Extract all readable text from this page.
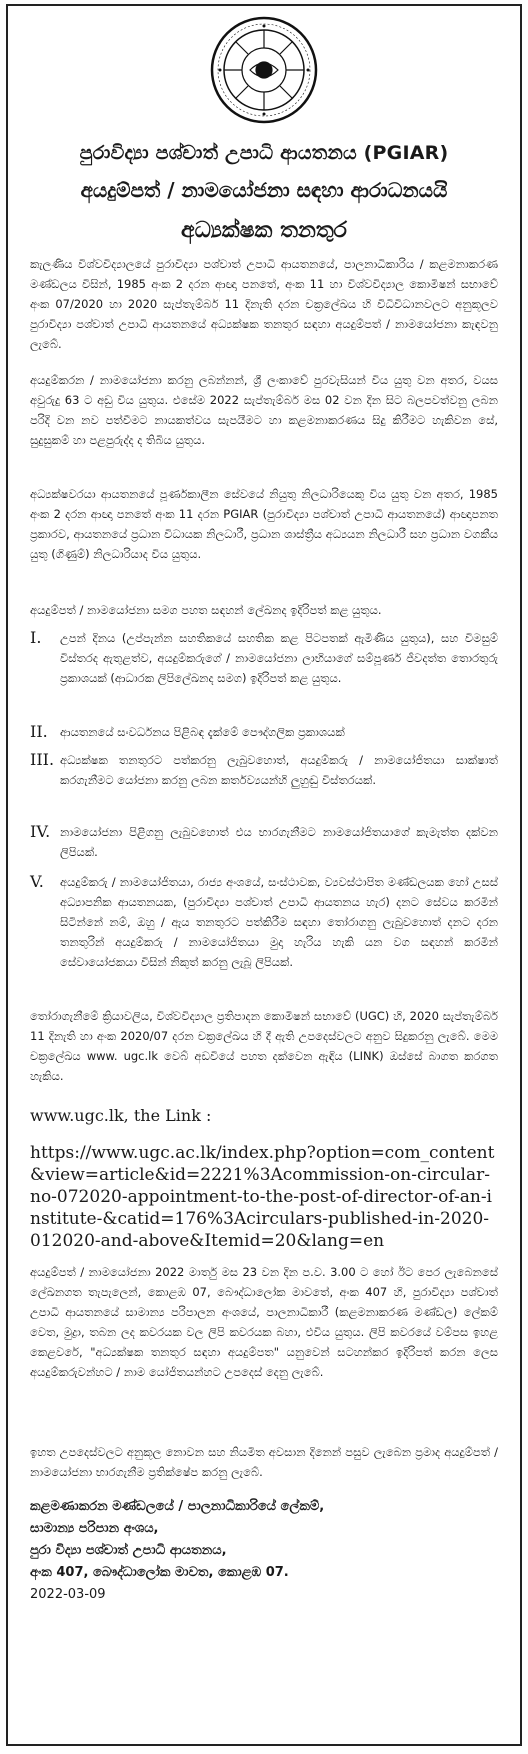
පුරාවිද්‍යා පශ්චාත් උපාධි ආයතනය (PGIAR)
අයදුම්පත් / නාමයෝජනා සඳහා ආරාධනයයි
අධ්‍යක්ෂක තනතුර

කැලණිය විශ්වවිද්‍යාලයේ පුරාවිද්‍යා පශ්චාත් උපාධි ආයතනයේ, පාලනාධිකාරිය / කළමනාකරණ මණ්ඩලය විසින්, 1985 අංක 2 දරන ආඥා පනතේ, අංක 11 හා විශ්වවිද්‍යාල කොමිෂන් සභාවේ අංක 07/2020 හා 2020 සැප්තැම්බර් 11 දිනැති දරන චක්‍රලේඛය හි විධිවිධානවලට අනුකූලව පුරාවිද්‍යා පශ්චාත් උපාධි ආයතනයේ අධ්‍යක්ෂක තනතුර සඳහා අයදුම්පත් / නාමයෝජනා කැඳවනු ලැබේ.

අයදුම්කරන / නාමයෝජනා කරනු ලබන්නන්, ශ්‍රී ලංකාවේ පුරවැසියන් විය යුතු වන අතර, වයස අවුරුදු 63 ට අඩු විය යුතුය. එසේම 2022 සැප්තැම්බර් මස 02 වන දින සිට බලපවත්වනු ලබන පරිදි වන නව පත්වීමට නායකත්වය සැපයීමට හා කළමනාකරණය සිදු කිරීමට හැකිවන සේ, සුදුසුකම් හා පළපුරුද්ද ද තිබිය යුතුය.

අධ්‍යක්ෂවරයා ආයතනයේ පූර්ණකාලීන සේවයේ නියුතු නිලධාරියෙකු විය යුතු වන අතර, 1985 අංක 2 දරන ආඥා පනතේ අංක 11 දරන PGIAR (පුරාවිද්‍යා පශ්චාත් උපාධි ආයතනයේ) ආඥාපනත ප්‍රකාරව, ආයතනයේ ප්‍රධාන විධායක නිලධාරී, ප්‍රධාන ශාස්ත්‍රීය අධ්‍යයන නිලධාරී සහ ප්‍රධාන වගකීය යුතු (ගිණුම්) නිලධාරියාද විය යුතුය.

අයදුම්පත් / නාමයෝජනා සමග පහත සඳහන් ලේඛනද ඉදිරිපත් කළ යුතුය.

I.	උපන් දිනය (උප්පැන්න සහතිකයේ සහතික කළ පිටපතක් ඇමිණිය යුතුය), සහ විමසුම් විස්තරද ඇතුළත්ව, අයදුම්කරුගේ / නාමයෝජනා ලාභියාගේ සම්පූර්ණ ජීවදත්ත තොරතුරු ප්‍රකාශයක් (ආධාරක ලිපිලේඛනද සමග) ඉදිරිපත් කළ යුතුය.
II.	ආයතනයේ සංවර්ධනය පිළිබඳ දැක්මේ පෞද්ගලික ප්‍රකාශයක්
III. අධ්‍යක්ෂක තනතුරට පත්කරනු ලැබුවහොත්, අයදුම්කරු / නාමයෝජිතයා සාක්ෂාත් කරගැනීමට යෝජනා කරනු ලබන කර්තව්‍යයන්හි ලුහුඬු විස්තරයක්.
IV. නාමයෝජනා පිළිගනු ලැබුවහොත් එය භාරගැනීමට නාමයෝජිතයාගේ කැමැත්ත දක්වන ලිපියක්.
V.	අයදුම්කරු / නාමයෝජිතයා, රාජ්‍ය අංශයේ, සංස්ථාවක, ව්‍යවස්ථාපිත මණ්ඩලයක හෝ උසස් අධ්‍යාපනික ආයතනයක, (පුරාවිද්‍යා පශ්චාත් උපාධි ආයතනය හැර) දනට සේවය කරමින් සිටින්නේ නම්, ඔහු / ඇය තනතුරට පත්කිරීම සඳහා තෝරාගනු ලැබුවහොත් දනට දරන තනතුරින් අයදුම්කරු / නාමයෝජිතයා මුදා හැරිය හැකි යන වග සඳහන් කරමින් සේවායෝජකයා විසින් නිකුත් කරනු ලැබූ ලිපියක්.

තෝරාගැනීමේ ක්‍රියාවලිය, විශ්වවිද්‍යාල ප්‍රතිපාදන කොමිෂන් සභාවේ (UGC) හි, 2020 සැප්තැම්බර් 11 දිනැති හා අංක 2020/07 දරන චක්‍රලේඛය හි දී ඇති උපදෙස්වලට අනුව සිදුකරනු ලැබේ. මෙම චක්‍රලේඛය www. ugc.lk වෙබ් අඩවියේ පහත දක්වෙන ඇඳිය (LINK) ඔස්සේ බාගත කරගත හැකිය.

www.ugc.lk, the Link :
https://www.ugc.ac.lk/index.php?option=com_content&view=article&id=2221%3Acommission-on-circular-no-072020-appointment-to-the-post-of-director-of-an-institute-&catid=176%3Acirculars-published-in-2020-012020-and-above&Itemid=20&lang=en

අයදුම්පත් / නාමයෝජනා 2022 මාර්තු මස 23 වන දින ප.ව. 3.00 ට හෝ ඊට පෙර ලැබෙනසේ ලේඛනගත තැපැලෙන්, කොළඹ 07, බෞද්ධාලෝක මාවතේ, අංක 407 හි, පුරාවිද්‍යා පශ්චාත් උපාධි ආයතනයේ සාමාන්‍ය පරිපාලන අංශයේ, පාලනාධිකාරී (කළමනාකරණ මණ්ඩල) ලේකම් වෙත, මුද්‍රා, තබන ලද කවරයක වල ලිපි කවරයක බහා, එවිය යුතුය. ලිපි කවරයේ වම්පස ඉහළ කෙළවරේ, "අධ්‍යක්ෂක තනතුර සඳහා අයදුම්පත" යනුවෙන් සටහන්කර ඉදිරිපත් කරන ලෙස අයදුම්කරුවන්හට / නාම යෝජිතයන්හට උපදෙස් දෙනු ලැබේ.

ඉහත උපදෙස්වලට අනුකූල නොවන සහ නියමිත අවසාන දිනෙන් පසුව ලැබෙන ප්‍රමාද අයදුම්පත් / නාමයෝජනා භාරගැනීම ප්‍රතික්ෂේප කරනු ලැබේ.

කළමණාකරන මණ්ඩලයේ / පාලනාධිකාරියේ ලේකම්,
සාමාන්‍ය පරිපාන අංශය,
පුරා විද්‍යා පශ්චාත් උපාධි ආයතනය,
අංක 407, බෞද්ධාලෝක මාවත, කොළඹ 07.
2022-03-09
